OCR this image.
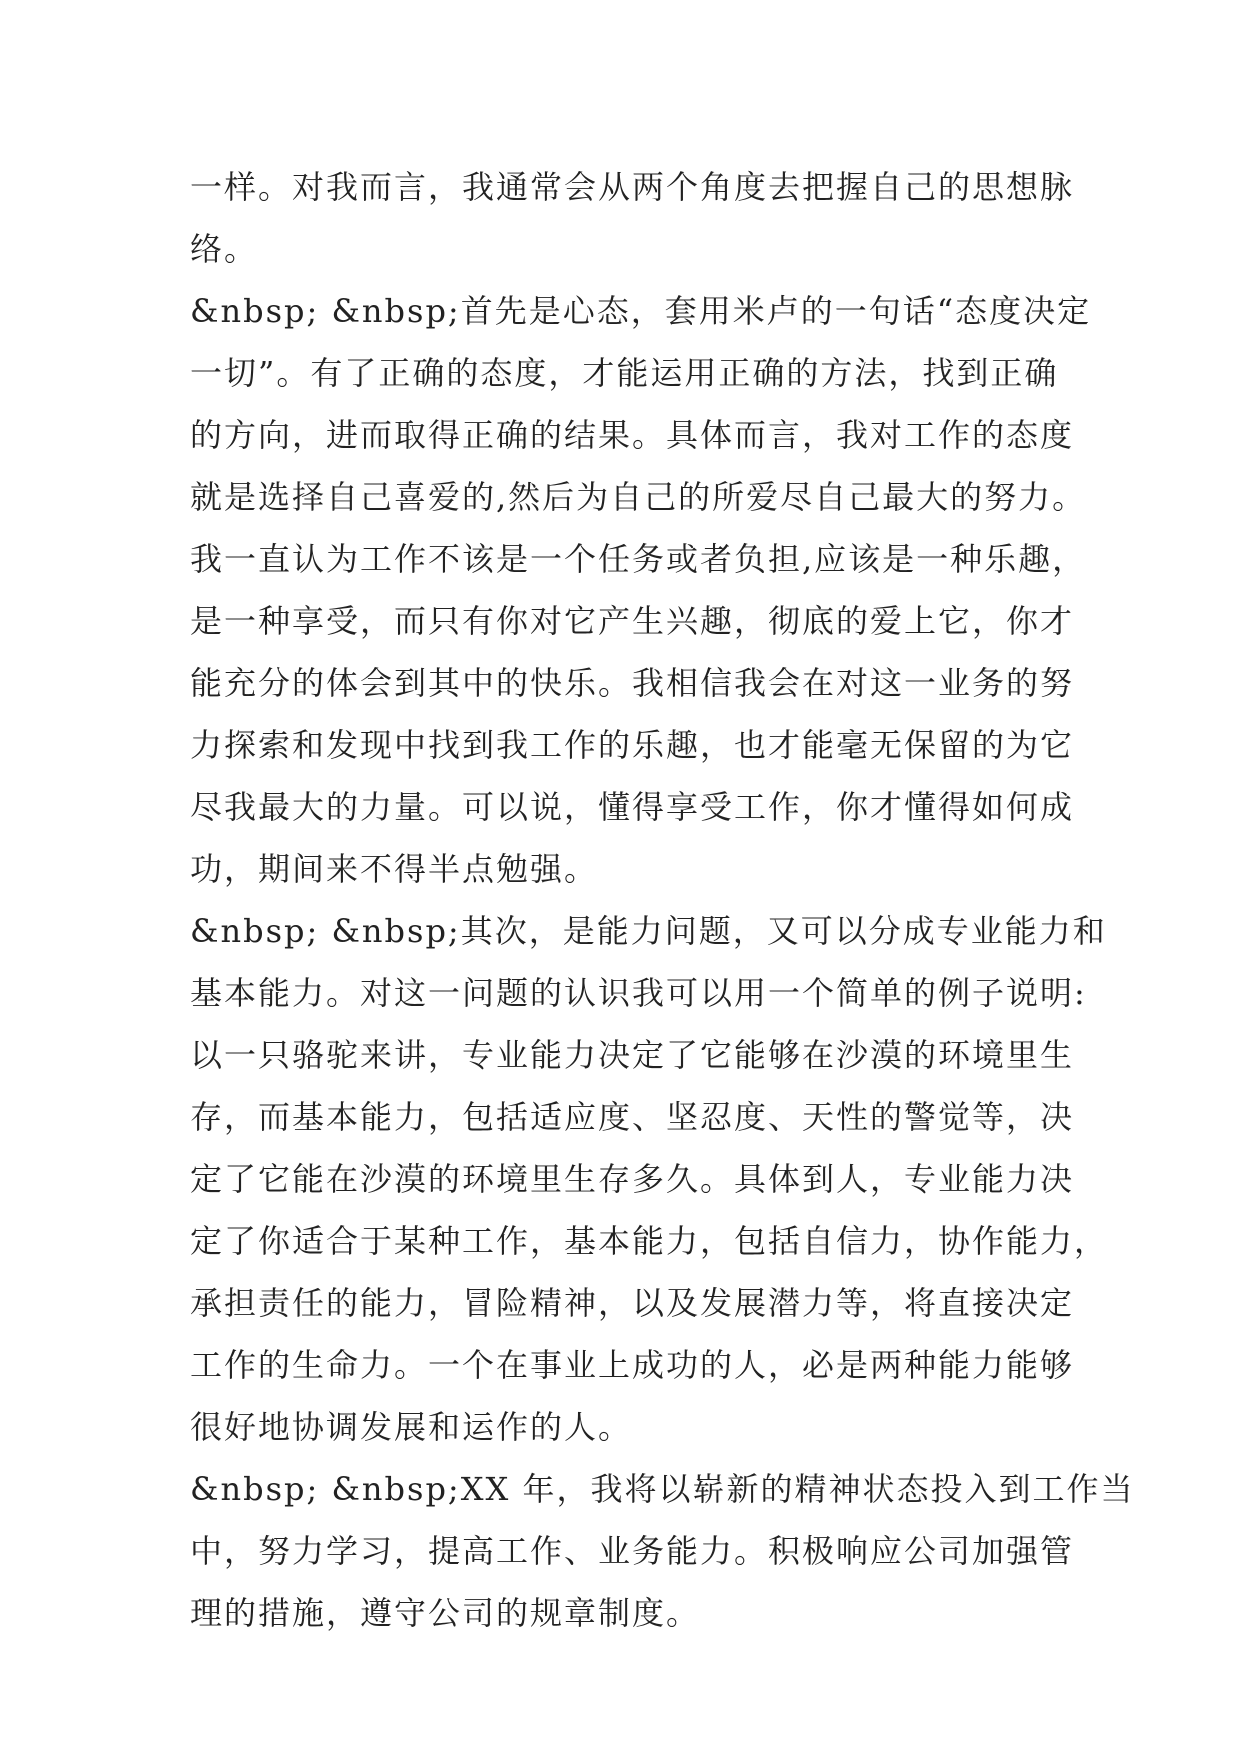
一样。对我而言，我通常会从两个角度去把握自己的思想脉
络。
&nbsp; &nbsp;首先是心态，套用米卢的一句话“态度决定
一切”。有了正确的态度，才能运用正确的方法，找到正确
的方向，进而取得正确的结果。具体而言，我对工作的态度
就是选择自己喜爱的,然后为自己的所爱尽自己最大的努力。
我一直认为工作不该是一个任务或者负担,应该是一种乐趣，
是一种享受，而只有你对它产生兴趣，彻底的爱上它，你才
能充分的体会到其中的快乐。我相信我会在对这一业务的努
力探索和发现中找到我工作的乐趣，也才能毫无保留的为它
尽我最大的力量。可以说，懂得享受工作，你才懂得如何成
功，期间来不得半点勉强。
&nbsp; &nbsp;其次，是能力问题，又可以分成专业能力和
基本能力。对这一问题的认识我可以用一个简单的例子说明:
以一只骆驼来讲，专业能力决定了它能够在沙漠的环境里生
存，而基本能力，包括适应度、坚忍度、天性的警觉等，决
定了它能在沙漠的环境里生存多久。具体到人，专业能力决
定了你适合于某种工作，基本能力，包括自信力，协作能力，
承担责任的能力，冒险精神，以及发展潜力等，将直接决定
工作的生命力。一个在事业上成功的人，必是两种能力能够
很好地协调发展和运作的人。
&nbsp; &nbsp;XX 年，我将以崭新的精神状态投入到工作当
中，努力学习，提高工作、业务能力。积极响应公司加强管
理的措施，遵守公司的规章制度。
